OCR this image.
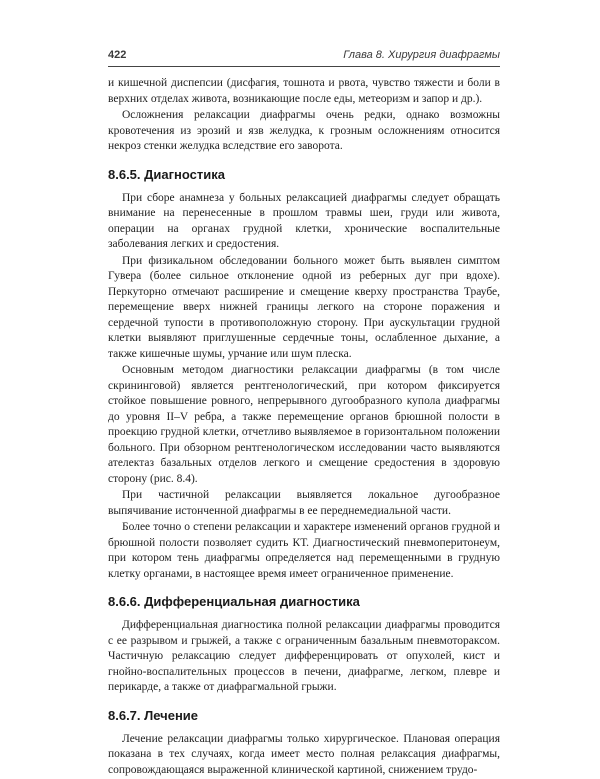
422	Глава 8. Хирургия диафрагмы

и кишечной диспепсии (дисфагия, тошнота и рвота, чувство тяжести и боли в верхних отделах живота, возникающие после еды, метеоризм и запор и др.).

Осложнения релаксации диафрагмы очень редки, однако возможны кровотечения из эрозий и язв желудка, к грозным осложнениям относится некроз стенки желудка вследствие его заворота.

8.6.5. Диагностика

При сборе анамнеза у больных релаксацией диафрагмы следует обращать внимание на перенесенные в прошлом травмы шеи, груди или живота, операции на органах грудной клетки, хронические воспалительные заболевания легких и средостения.

При физикальном обследовании больного может быть выявлен симптом Гувера (более сильное отклонение одной из реберных дуг при вдохе). Перкуторно отмечают расширение и смещение кверху пространства Траубе, перемещение вверх нижней границы легкого на стороне поражения и сердечной тупости в противоположную сторону. При аускультации грудной клетки выявляют приглушенные сердечные тоны, ослабленное дыхание, а также кишечные шумы, урчание или шум плеска.

Основным методом диагностики релаксации диафрагмы (в том числе скрининговой) является рентгенологический, при котором фиксируется стойкое повышение ровного, непрерывного дугообразного купола диафрагмы до уровня II–V ребра, а также перемещение органов брюшной полости в проекцию грудной клетки, отчетливо выявляемое в горизонтальном положении больного. При обзорном рентгенологическом исследовании часто выявляются ателектаз базальных отделов легкого и смещение средостения в здоровую сторону (рис. 8.4).

При частичной релаксации выявляется локальное дугообразное выпячивание истонченной диафрагмы в ее переднемедиальной части.

Более точно о степени релаксации и характере изменений органов грудной и брюшной полости позволяет судить КТ. Диагностический пневмоперитонеум, при котором тень диафрагмы определяется над перемещенными в грудную клетку органами, в настоящее время имеет ограниченное применение.

8.6.6. Дифференциальная диагностика

Дифференциальная диагностика полной релаксации диафрагмы проводится с ее разрывом и грыжей, а также с ограниченным базальным пневмотораксом. Частичную релаксацию следует дифференцировать от опухолей, кист и гнойно-воспалительных процессов в печени, диафрагме, легком, плевре и перикарде, а также от диафрагмальной грыжи.

8.6.7. Лечение

Лечение релаксации диафрагмы только хирургическое. Плановая операция показана в тех случаях, когда имеет место полная релаксация диафрагмы, сопровождающаяся выраженной клинической картиной, снижением трудо-
